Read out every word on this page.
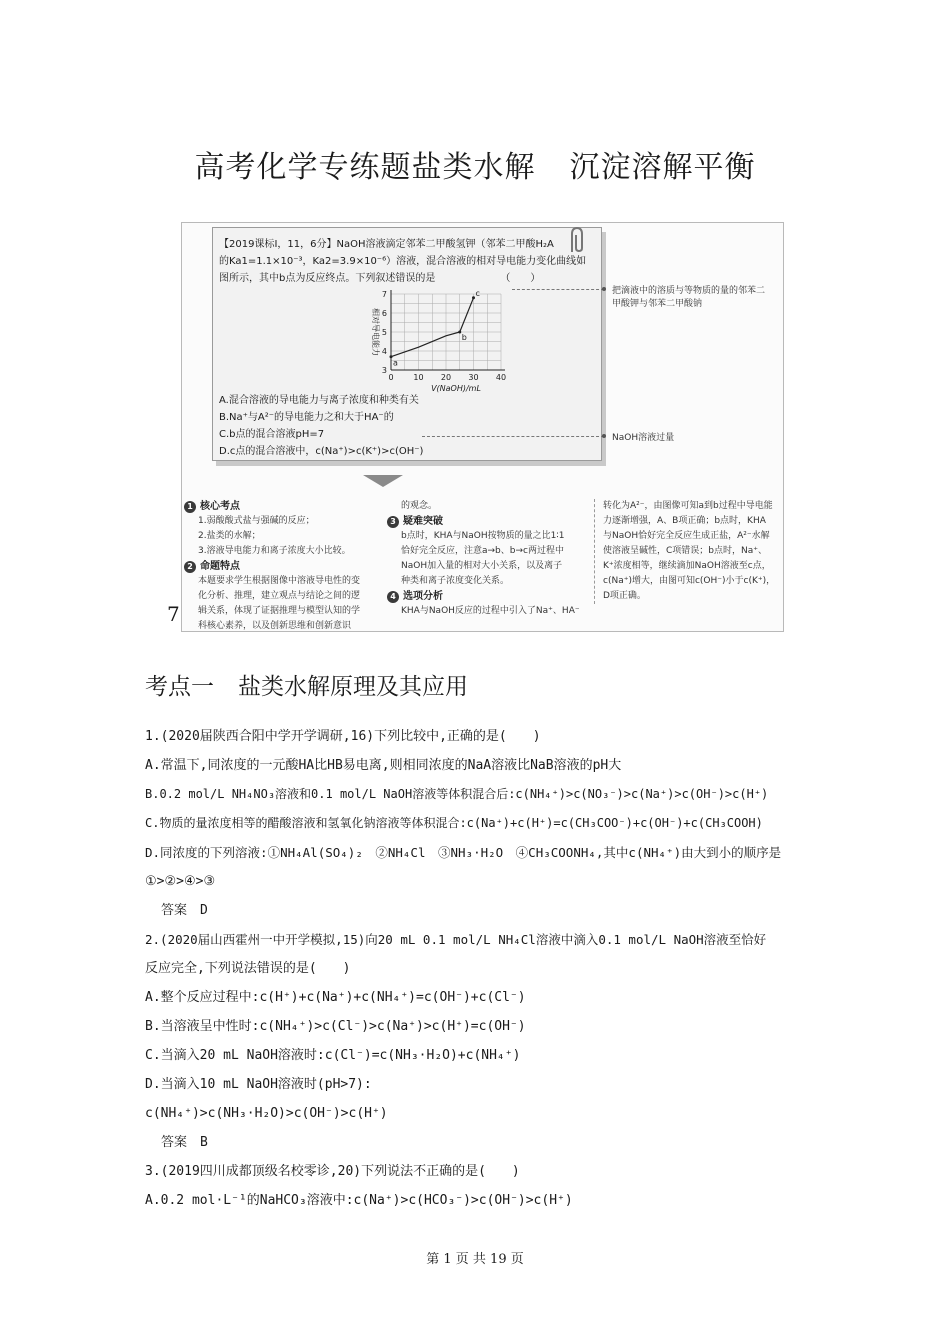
高考化学专练题盐类水解 沉淀溶解平衡
【2019课标Ⅰ，11，6分】NaOH溶液滴定邻苯二甲酸氢钾（邻苯二甲酸H₂A
的Ka1=1.1×10⁻³，Ka2=3.9×10⁻⁶）溶液，混合溶液的相对导电能力变化曲线如
图所示，其中b点为反应终点。下列叙述错误的是　　　　　　　（　　）
0 10 20 30 40
3
4
5
6
7
a
b
c
V(NaOH)/mL
相对导电能力
A.混合溶液的导电能力与离子浓度和种类有关
B.Na⁺与A²⁻的导电能力之和大于HA⁻的
C.b点的混合溶液pH=7
D.c点的混合溶液中，c(Na⁺)>c(K⁺)>c(OH⁻)
把滴液中的溶质与等物质的量的邻苯二
甲酸钾与邻苯二甲酸钠
NaOH溶液过量
1 核心考点
1.弱酸酸式盐与强碱的反应；
2.盐类的水解；
3.溶液导电能力和离子浓度大小比较。
2 命题特点
本题要求学生根据图像中溶液导电性的变
化分析、推理，建立观点与结论之间的逻
辑关系，体现了证据推理与模型认知的学
科核心素养，以及创新思维和创新意识
的观念。
3 疑难突破
b点时，KHA与NaOH按物质的量之比1∶1
恰好完全反应，注意a→b、b→c两过程中
NaOH加入量的相对大小关系，以及离子
种类和离子浓度变化关系。
4 选项分析
KHA与NaOH反应的过程中引入了Na⁺、HA⁻
转化为A²⁻，由图像可知a到b过程中导电能
力逐渐增强，A、B项正确；b点时，KHA
与NaOH恰好完全反应生成正盐，A²⁻水解
使溶液呈碱性，C项错误；b点时，Na⁺、
K⁺浓度相等，继续滴加NaOH溶液至c点，
c(Na⁺)增大，由图可知c(OH⁻)小于c(K⁺)，
D项正确。
7
考点一 盐类水解原理及其应用

1.(2020届陕西合阳中学开学调研,16)下列比较中,正确的是(　　)

A.常温下,同浓度的一元酸HA比HB易电离,则相同浓度的NaA溶液比NaB溶液的pH大

B.0.2 mol/L NH₄NO₃溶液和0.1 mol/L NaOH溶液等体积混合后:c(NH₄⁺)>c(NO₃⁻)>c(Na⁺)>c(OH⁻)>c(H⁺)

C.物质的量浓度相等的醋酸溶液和氢氧化钠溶液等体积混合:c(Na⁺)+c(H⁺)=c(CH₃COO⁻)+c(OH⁻)+c(CH₃COOH)

D.同浓度的下列溶液:①NH₄Al(SO₄)₂　②NH₄Cl　③NH₃·H₂O　④CH₃COONH₄,其中c(NH₄⁺)由大到小的顺序是

①>②>④>③

答案　D

2.(2020届山西霍州一中开学模拟,15)向20 mL 0.1 mol/L NH₄Cl溶液中滴入0.1 mol/L NaOH溶液至恰好

反应完全,下列说法错误的是(　　)

A.整个反应过程中:c(H⁺)+c(Na⁺)+c(NH₄⁺)=c(OH⁻)+c(Cl⁻)

B.当溶液呈中性时:c(NH₄⁺)>c(Cl⁻)>c(Na⁺)>c(H⁺)=c(OH⁻)

C.当滴入20 mL NaOH溶液时:c(Cl⁻)=c(NH₃·H₂O)+c(NH₄⁺)

D.当滴入10 mL NaOH溶液时(pH>7):

c(NH₄⁺)>c(NH₃·H₂O)>c(OH⁻)>c(H⁺)

答案　B

3.(2019四川成都顶级名校零诊,20)下列说法不正确的是(　　)

A.0.2 mol·L⁻¹的NaHCO₃溶液中:c(Na⁺)>c(HCO₃⁻)>c(OH⁻)>c(H⁺)

第 1 页 共 19 页
